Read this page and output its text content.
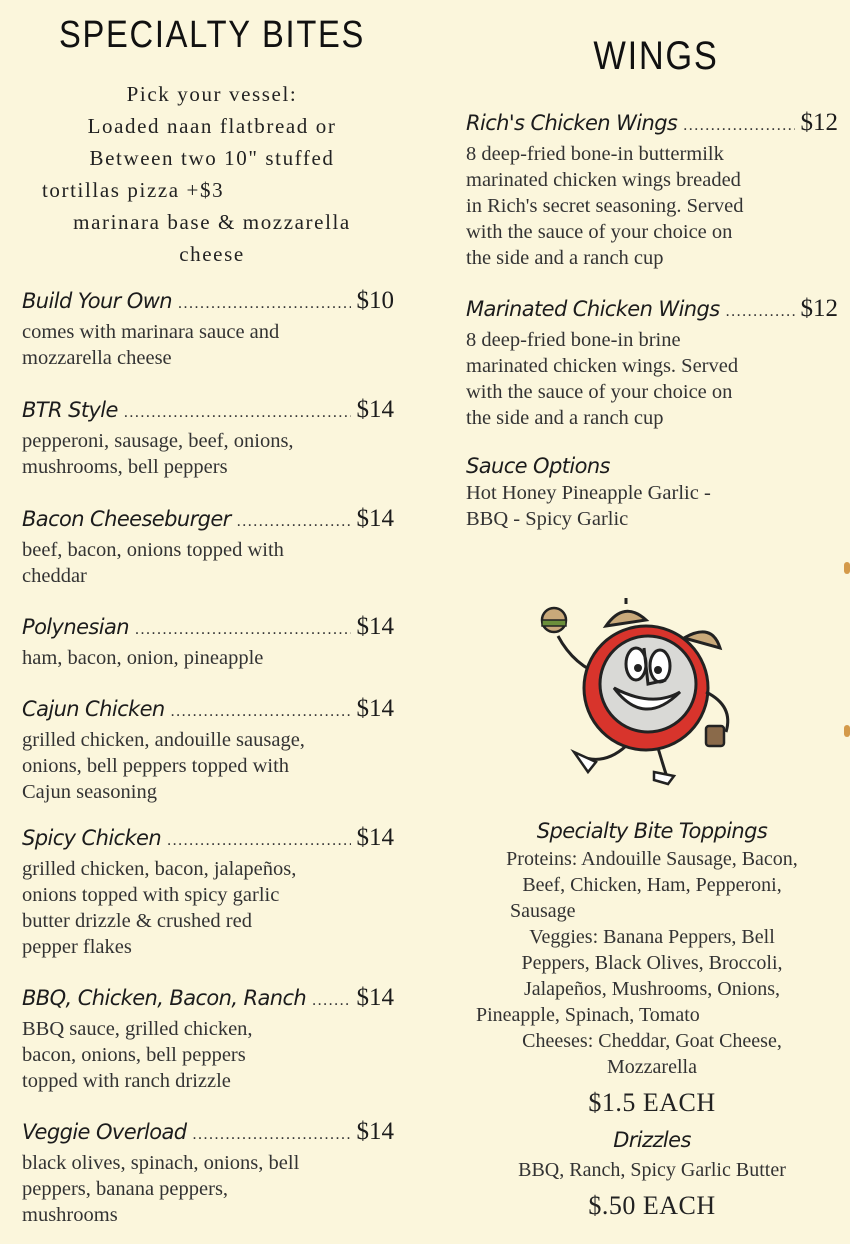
SPECIALTY BITES
Pick your vessel:
Loaded naan flatbread or
Between two 10" stuffed
tortillas pizza +$3
marinara base & mozzarella
cheese
Build Your Own .....	$10
comes with marinara sauce and
mozzarella cheese
BTR Style .....	$14
pepperoni, sausage, beef, onions,
mushrooms, bell peppers
Bacon Cheeseburger .....	$14
beef, bacon, onions topped with
cheddar
Polynesian .....	$14
ham, bacon, onion, pineapple
Cajun Chicken .....	$14
grilled chicken, andouille sausage,
onions, bell peppers topped with
Cajun seasoning
Spicy Chicken .....	$14
grilled chicken, bacon, jalapeños,
onions topped with spicy garlic
butter drizzle & crushed red
pepper flakes
BBQ, Chicken, Bacon, Ranch ..... $14
BBQ sauce, grilled chicken,
bacon, onions, bell peppers
topped with ranch drizzle
Veggie Overload .....	$14
black olives, spinach, onions, bell
peppers, banana peppers,
mushrooms
WINGS
Rich's Chicken Wings .....	$12
8 deep-fried bone-in buttermilk
marinated chicken wings breaded
in Rich's secret seasoning. Served
with the sauce of your choice on
the side and a ranch cup
Marinated Chicken Wings .....	$12
8 deep-fried bone-in brine
marinated chicken wings. Served
with the sauce of your choice on
the side and a ranch cup
Sauce Options
Hot Honey Pineapple Garlic -
BBQ - Spicy Garlic
Specialty Bite Toppings
Proteins: Andouille Sausage, Bacon,
Beef, Chicken, Ham, Pepperoni,
Sausage
Veggies: Banana Peppers, Bell
Peppers, Black Olives, Broccoli,
Jalapeños, Mushrooms, Onions,
Pineapple, Spinach, Tomato
Cheeses: Cheddar, Goat Cheese,
Mozzarella
$1.5 EACH
Drizzles
BBQ, Ranch, Spicy Garlic Butter
$.50 EACH
